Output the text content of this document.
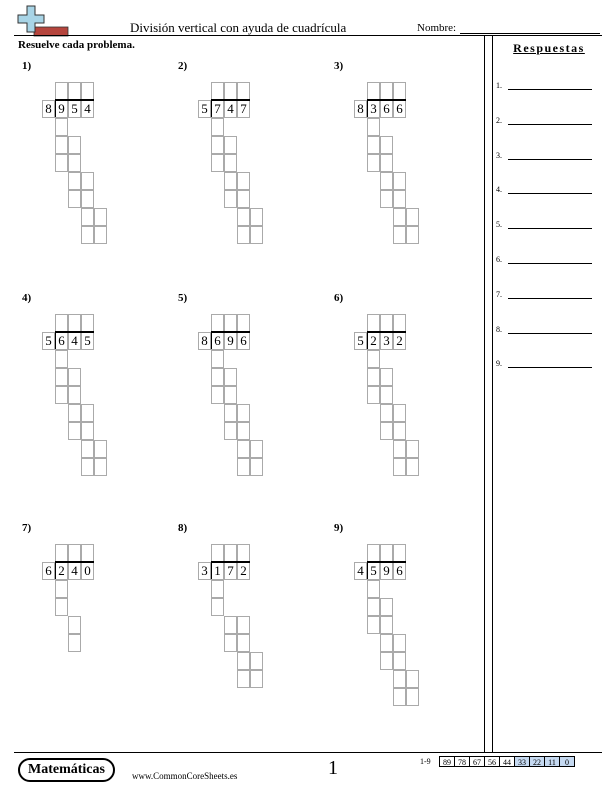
División vertical con ayuda de cuadrícula	Nombre:
Resuelve cada problema.	Respuestas
1.
2.
3.
4.
5.
6.
7.
8.
9.
1)
8 9 5 4
2)
5 7 4 7
3)
8 3 6 6
4)
5 6 4 5
5)
8 6 9 6
6)
5 2 3 2
7)
6 2 4 0
8)
3 1 7 2
9)
4 5 9 6
Matemáticas	www.CommonCoreSheets.es	1	1-9	89 78 67 56 44 33 22 11	0
